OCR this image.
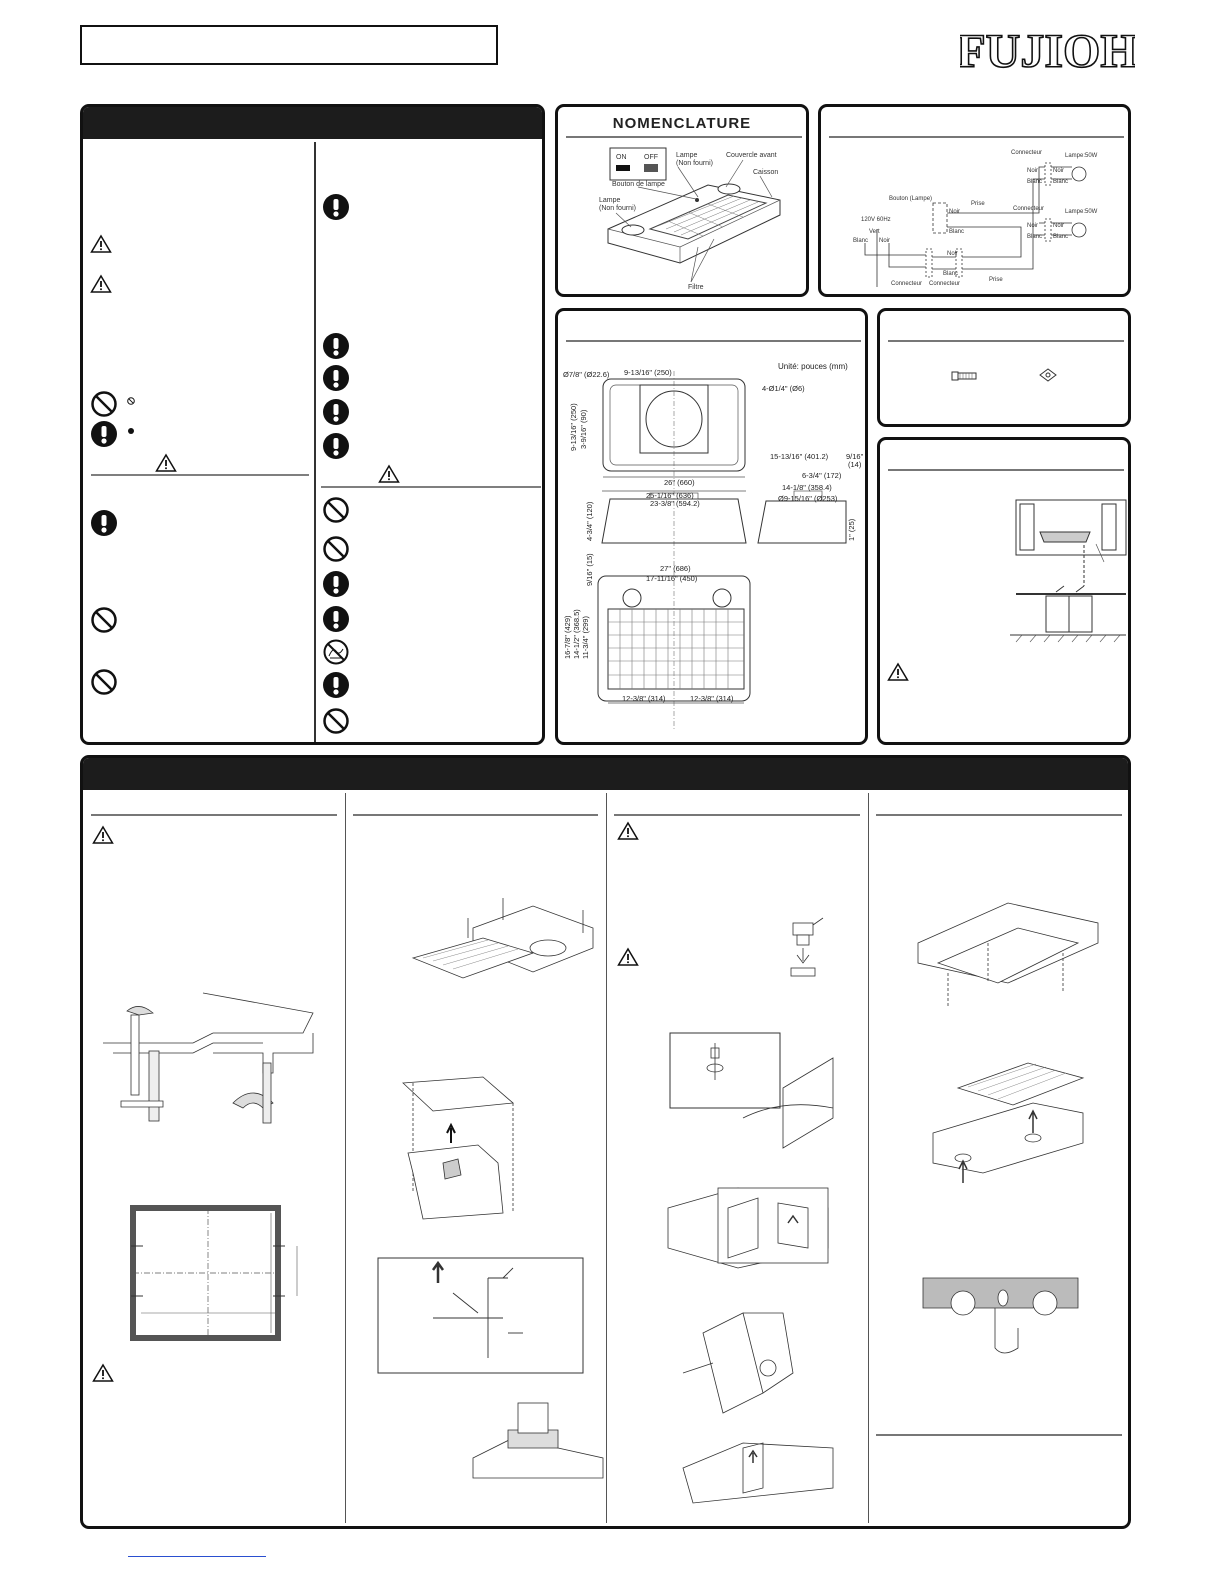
FUJIOH
NOMENCLATURE
ON	OFF
Bouton de lampe
Lampe
(Non fourni)
Couvercle avant
Caisson
Lampe
(Non fourni)
Filtre
Connecteur	Lampe:50W
Noir Noir
Blanc Blanc
Bouton (Lampe)
Prise
120V 60Hz
Vert
Blanc Noir
Noir
Blanc
Connecteur	Lampe:50W
Noir Noir
Blanc Blanc
Noir
Blanc
Prise
Connecteur Connecteur
Unité: pouces (mm)
Ø7/8" (Ø22.6) 9-13/16" (250)
4-Ø1/4" (Ø6)
9-13/16" (250) 3-9/16" (90)
26" (660)
25-1/16" (636)
23-3/8" (594.2)
4-3/4" (120)
9/16" (15)
15-13/16" (401.2) 9/16"
(14)
6-3/4" (172)
14-1/8" (358.4)
Ø9-15/16" (Ø253)
1" (25)
27" (686)
17-11/16" (450)
16-7/8" (429) 14-1/2" (368.5) 11-3/4" (299)
12-3/8" (314)	12-3/8" (314)
